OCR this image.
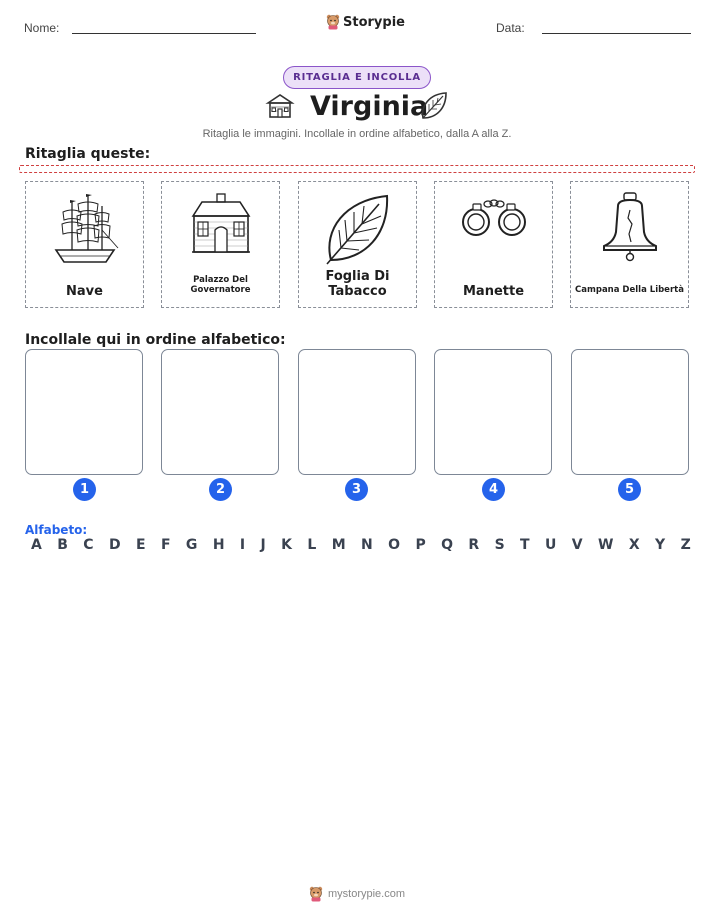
Nome:	Storypie	Data:
RITAGLIA E INCOLLA
Virginia
Ritaglia le immagini. Incollale in ordine alfabetico, dalla A alla Z.
Ritaglia queste:
Nave
Palazzo Del Governatore
Foglia Di Tabacco	Manette	Campana Della Libertà
Incollale qui in ordine alfabetico:
1	2	3	4	5
Alfabeto:
A B C D E F G H I J K L M N O P Q R S T U V W X Y Z
mystorypie.com
